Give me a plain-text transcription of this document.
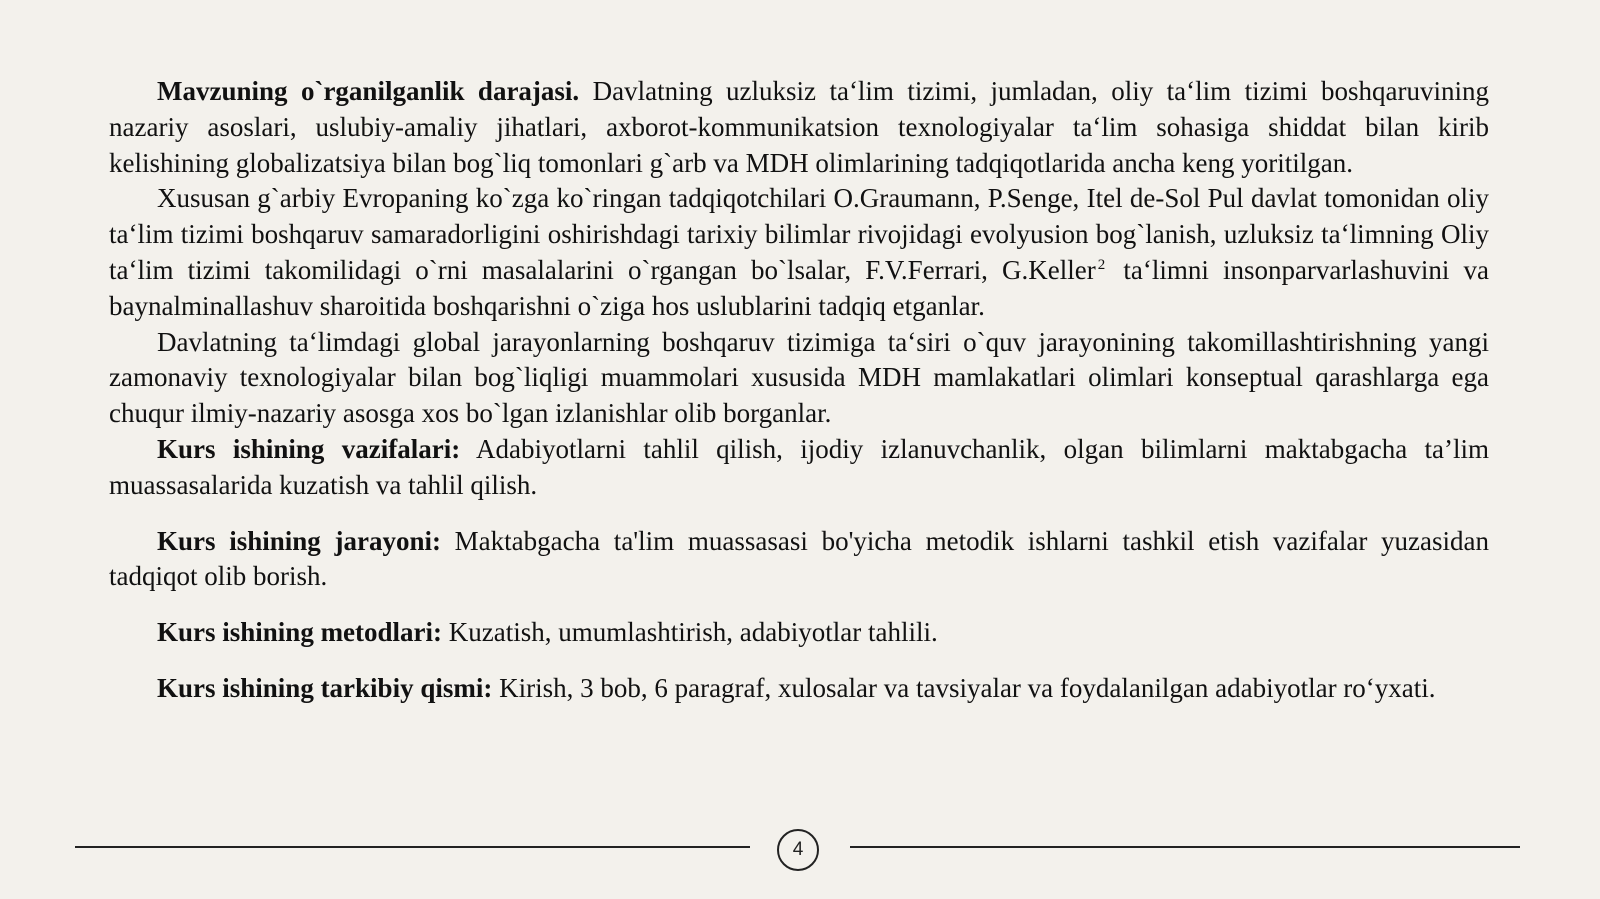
Mavzuning o`rganilganlik darajasi. Davlatning uzluksiz ta‘lim tizimi, jumladan, oliy ta‘lim tizimi boshqaruvining nazariy asoslari, uslubiy-amaliy jihatlari, axborot-kommunikatsion texnologiyalar ta‘lim sohasiga shiddat bilan kirib kelishining globalizatsiya bilan bog`liq tomonlari g`arb va MDH olimlarining tadqiqotlarida ancha keng yoritilgan.

Xususan g`arbiy Evropaning ko`zga ko`ringan tadqiqotchilari O.Graumann, P.Senge, Itel de-Sol Pul davlat tomonidan oliy ta‘lim tizimi boshqaruv samaradorligini oshirishdagi tarixiy bilimlar rivojidagi evolyusion bog`lanish, uzluksiz ta‘limning Oliy ta‘lim tizimi takomilidagi o`rni masalalarini o`rgangan bo`lsalar, F.V.Ferrari, G.Keller $^2$ ta‘limni insonparvarlashuvini va baynalminallashuv sharoitida boshqarishni o`ziga hos uslublarini tadqiq etganlar.

Davlatning ta‘limdagi global jarayonlarning boshqaruv tizimiga ta‘siri o`quv jarayonining takomillashtirishning yangi zamonaviy texnologiyalar bilan bog`liqligi muammolari xususida MDH mamlakatlari olimlari konseptual qarashlarga ega chuqur ilmiy-nazariy asosga xos bo`lgan izlanishlar olib borganlar.

Kurs ishining vazifalari: Adabiyotlarni tahlil qilish, ijodiy izlanuvchanlik, olgan bilimlarni maktabgacha ta’lim muassasalarida kuzatish va tahlil qilish.

Kurs ishining jarayoni: Maktabgacha ta'lim muassasasi bo'yicha metodik ishlarni tashkil etish vazifalar yuzasidan tadqiqot olib borish.

Kurs ishining metodlari: Kuzatish, umumlashtirish, adabiyotlar tahlili.

Kurs ishining tarkibiy qismi: Kirish, 3 bob, 6 paragraf, xulosalar va tavsiyalar va foydalanilgan adabiyotlar ro‘yxati.

4
